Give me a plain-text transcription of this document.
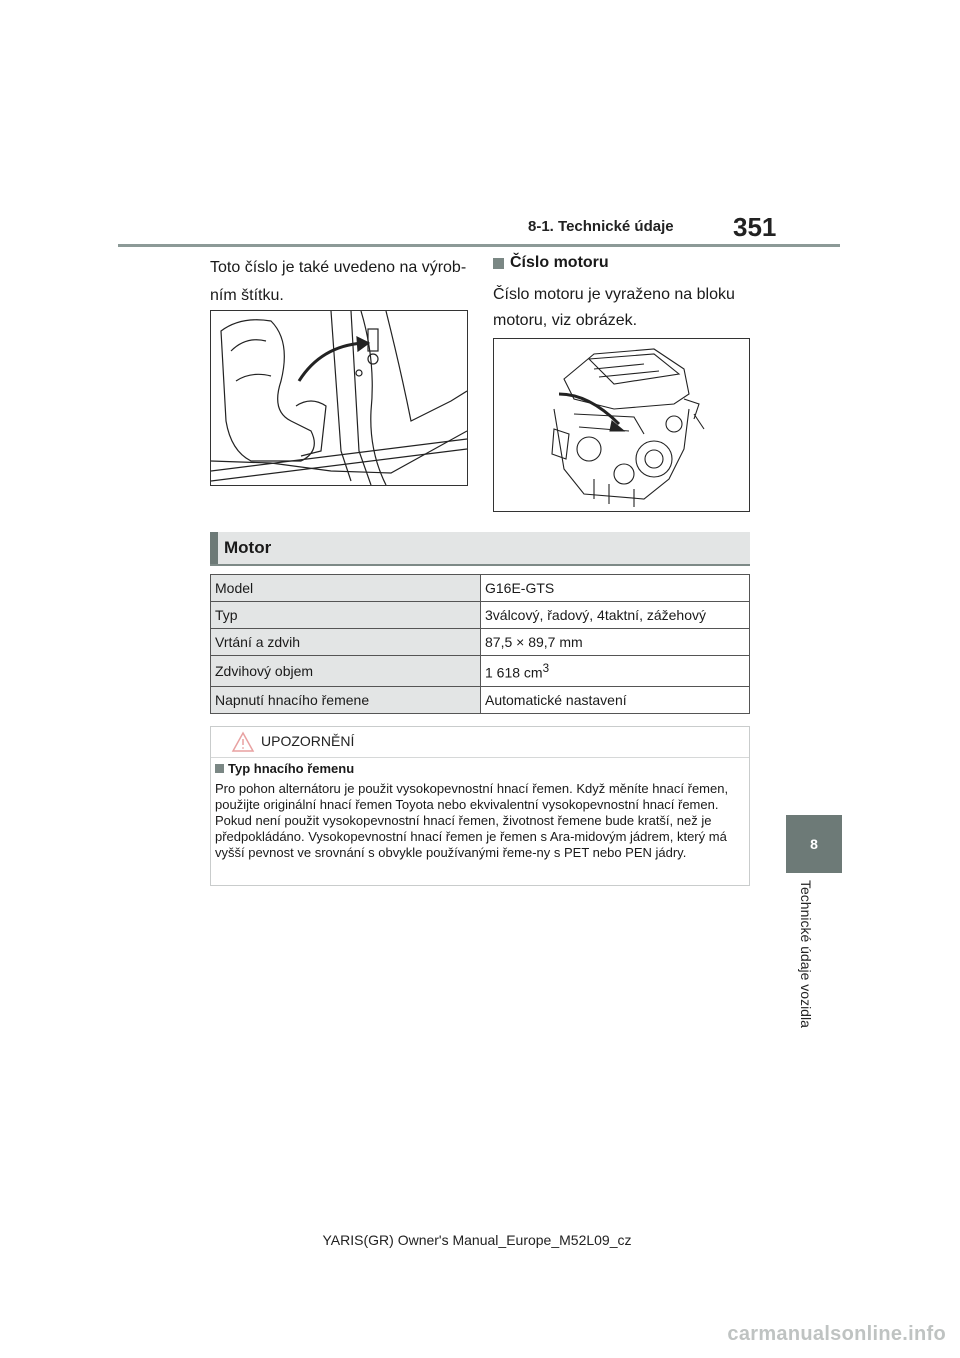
8-1. Technické údaje 351
Toto číslo je také uvedeno na výrob-ním štítku.
Číslo motoru
Číslo motoru je vyraženo na bloku motoru, viz obrázek.
Motor
Model	G16E-GTS
Typ	3válcový, řadový, 4taktní, zážehový
Vrtání a zdvih	87,5 × 89,7 mm
Zdvihový objem	1 618 $cm^3$
Napnutí hnacího řemene	Automatické nastavení
UPOZORNĚNÍ
Typ hnacího řemenu
Pro pohon alternátoru je použit vysokopevnostní hnací řemen. Když měníte hnací řemen, použijte originální hnací řemen Toyota nebo ekvivalentní vysokopevnostní hnací řemen. Pokud není použit vysokopevnostní hnací řemen, životnost řemene bude kratší, než je předpokládáno. Vysokopevnostní hnací řemen je řemen s Ara-midovým jádrem, který má vyšší pevnost ve srovnání s obvykle používanými řeme-ny s PET nebo PEN jádry.
8
Technické údaje vozidla
YARIS(GR) Owner's Manual_Europe_M52L09_cz
carmanualsonline.info
